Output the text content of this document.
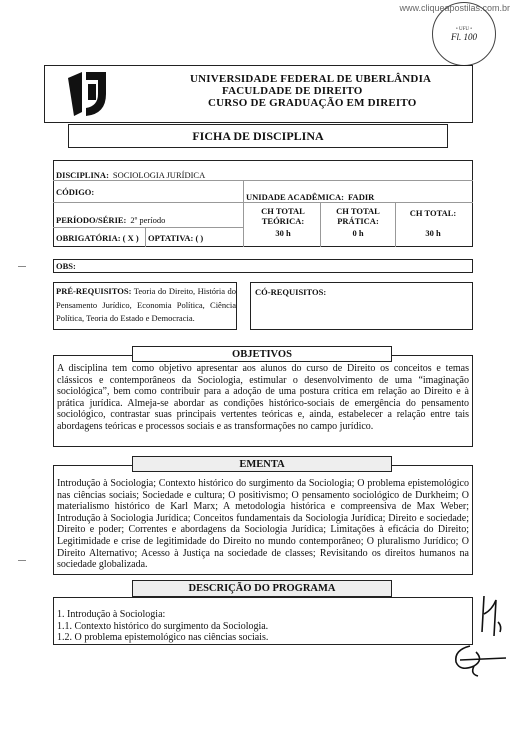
www.cliqueapostilas.com.br
• UFU •
Fl. 100
UNIVERSIDADE FEDERAL DE UBERLÂNDIA
FACULDADE DE DIREITO
CURSO DE GRADUAÇÃO EM DIREITO
FICHA DE DISCIPLINA
DISCIPLINA: SOCIOLOGIA JURÍDICA
CÓDIGO:	UNIDADE ACADÊMICA: FADIR
PERÍODO/SÉRIE: 2º período
CH TOTAL TEÓRICA:
30 h
CH TOTAL PRÁTICA:
0 h
CH TOTAL:
30 h
OBRIGATÓRIA: ( X ) OPTATIVA: ( )
OBS:
PRÉ-REQUISITOS: Teoria do Direito, História do Pensamento Jurídico, Economia Política, Ciência Política, Teoria do Estado e Democracia.
CÓ-REQUISITOS:
OBJETIVOS
A disciplina tem como objetivo apresentar aos alunos do curso de Direito os conceitos e temas clássicos e contemporâneos da Sociologia, estimular o desenvolvimento de uma “imaginação sociológica”, bem como contribuir para a adoção de uma postura crítica em relação ao Direito e à prática jurídica. Almeja-se abordar as condições histórico-sociais de emergência do pensamento sociológico, contrastar suas principais vertentes teóricas e, ainda, estabelecer a relação entre tais abordagens teóricas e processos sociais e as transformações no campo jurídico.
EMENTA
Introdução à Sociologia; Contexto histórico do surgimento da Sociologia; O problema epistemológico nas ciências sociais; Sociedade e cultura; O positivismo; O pensamento sociológico de Durkheim; O materialismo histórico de Karl Marx; A metodologia histórica e compreensiva de Max Weber; Introdução à Sociologia Jurídica; Conceitos fundamentais da Sociologia Jurídica; Direito e sociedade; Direito e poder; Correntes e abordagens da Sociologia Jurídica; Limitações à eficácia do Direito; Legitimidade e crise de legitimidade do Direito no mundo contemporâneo; O pluralismo Jurídico; O Direito Alternativo; Acesso à Justiça na sociedade de classes; Revisitando os direitos humanos na sociedade globalizada.
DESCRIÇÃO DO PROGRAMA
1. Introdução à Sociologia:
1.1. Contexto histórico do surgimento da Sociologia.
1.2. O problema epistemológico nas ciências sociais.
